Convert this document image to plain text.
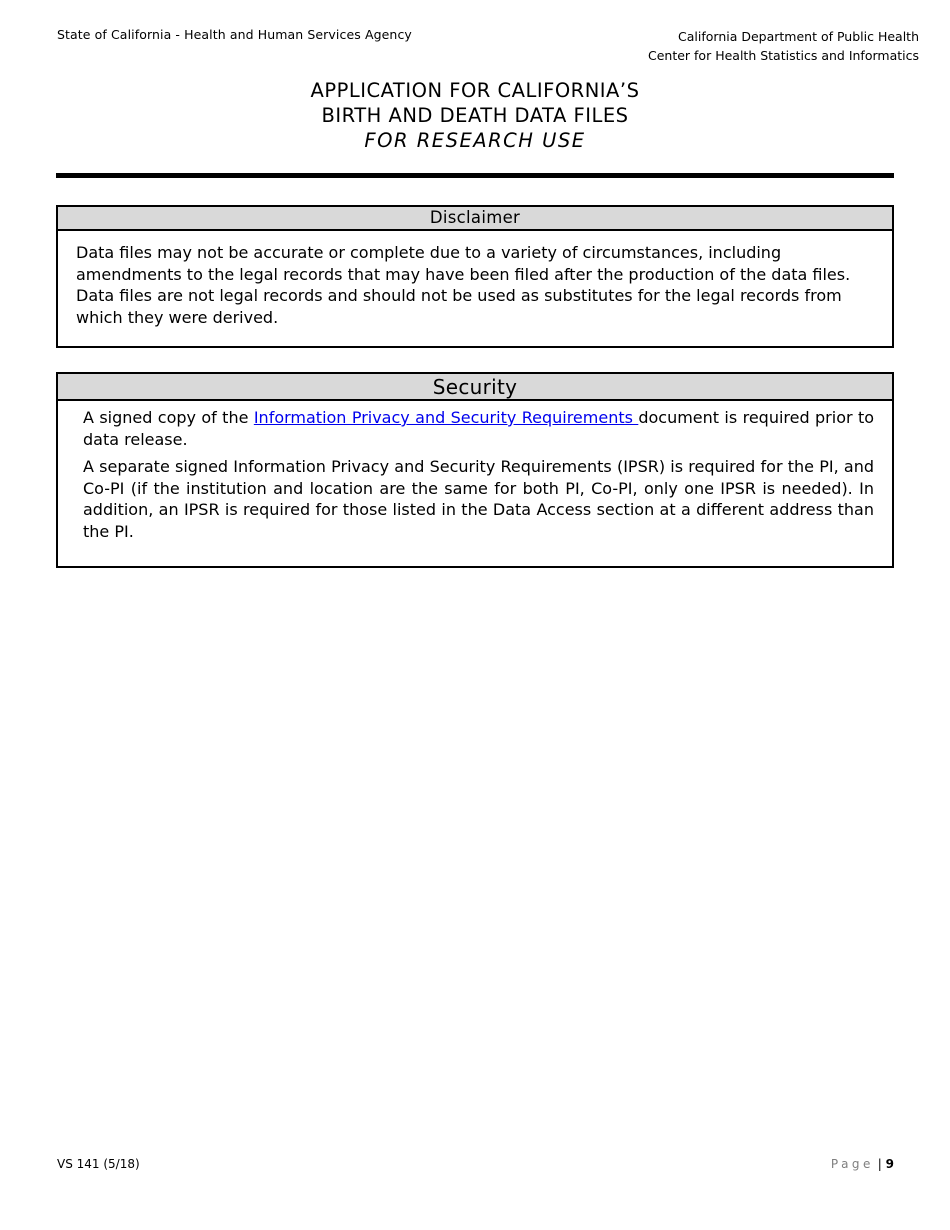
State of California - Health and Human Services Agency	California Department of Public Health
Center for Health Statistics and Informatics
APPLICATION FOR CALIFORNIA’S
BIRTH AND DEATH DATA FILES
FOR RESEARCH USE
Disclaimer
Data files may not be accurate or complete due to a variety of circumstances, including amendments to the legal records that may have been filed after the production of the data files. Data files are not legal records and should not be used as substitutes for the legal records from which they were derived.
Security

A signed copy of the Information Privacy and Security Requirements document is required prior to data release.

A separate signed Information Privacy and Security Requirements (IPSR) is required for the PI, and Co-PI (if the institution and location are the same for both PI, Co-PI, only one IPSR is needed). In addition, an IPSR is required for those listed in the Data Access section at a different address than the PI.

VS 141 (5/18)	Page | 9
